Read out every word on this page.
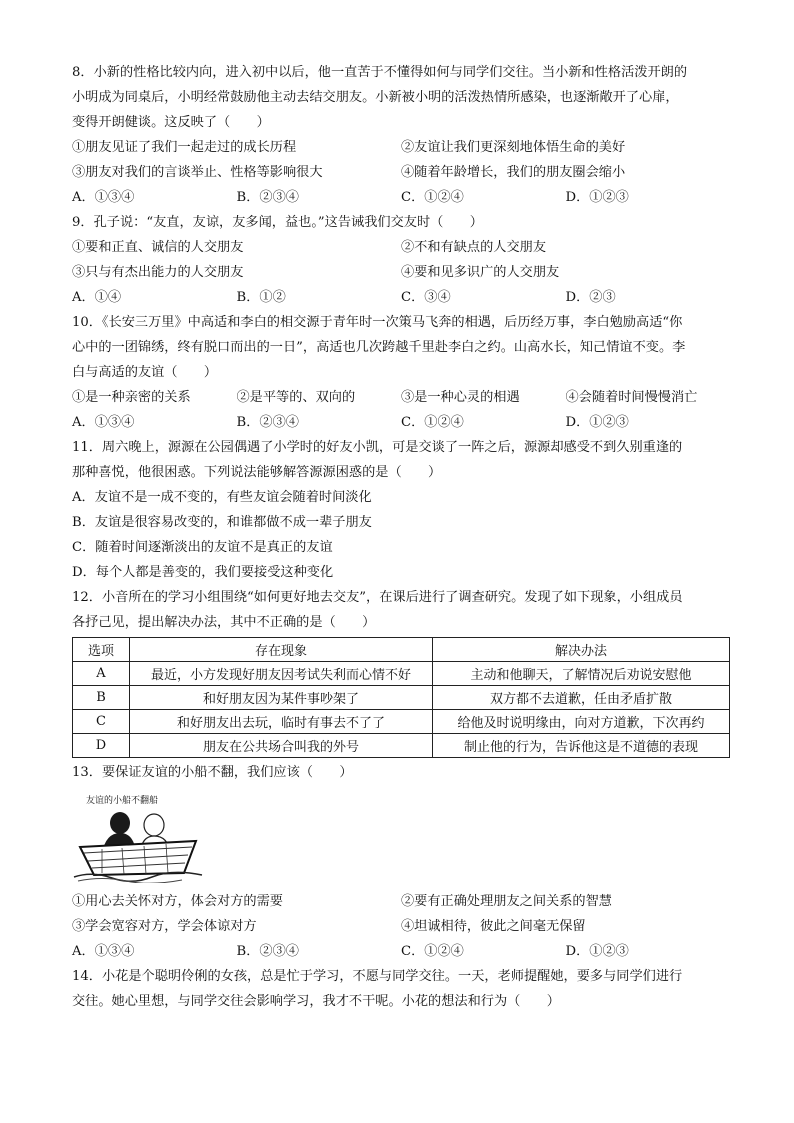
8．小新的性格比较内向，进入初中以后，他一直苦于不懂得如何与同学们交往。当小新和性格活泼开朗的
小明成为同桌后，小明经常鼓励他主动去结交朋友。小新被小明的活泼热情所感染，也逐渐敞开了心扉，
变得开朗健谈。这反映了（　　）

①朋友见证了我们一起走过的成长历程	②友谊让我们更深刻地体悟生命的美好
③朋友对我们的言谈举止、性格等影响很大	④随着年龄增长，我们的朋友圈会缩小
A．①③④	B．②③④	C．①②④	D．①②③

9．孔子说：“友直，友谅，友多闻，益也。”这告诫我们交友时（　　）

①要和正直、诚信的人交朋友	②不和有缺点的人交朋友
③只与有杰出能力的人交朋友	④要和见多识广的人交朋友
A．①④	B．①②	C．③④	D．②③

10．《长安三万里》中高适和李白的相交源于青年时一次策马飞奔的相遇，后历经万事，李白勉励高适“你
心中的一团锦绣，终有脱口而出的一日”，高适也几次跨越千里赴李白之约。山高水长，知己情谊不变。李
白与高适的友谊（　　）

①是一种亲密的关系	②是平等的、双向的	③是一种心灵的相遇	④会随着时间慢慢消亡
A．①③④	B．②③④	C．①②④	D．①②③

11．周六晚上，源源在公园偶遇了小学时的好友小凯，可是交谈了一阵之后，源源却感受不到久别重逢的
那种喜悦，他很困惑。下列说法能够解答源源困惑的是（　　）

A．友谊不是一成不变的，有些友谊会随着时间淡化
B．友谊是很容易改变的，和谁都做不成一辈子朋友
C．随着时间逐渐淡出的友谊不是真正的友谊
D．每个人都是善变的，我们要接受这种变化

12．小音所在的学习小组围绕“如何更好地去交友”，在课后进行了调查研究。发现了如下现象，小组成员
各抒己见，提出解决办法，其中不正确的是（　　）

选项	存在现象	解决办法
A	最近，小方发现好朋友因考试失利而心情不好	主动和他聊天，了解情况后劝说安慰他
B	和好朋友因为某件事吵架了	双方都不去道歉，任由矛盾扩散
C	和好朋友出去玩，临时有事去不了了	给他及时说明缘由，向对方道歉，下次再约
D	朋友在公共场合叫我的外号	制止他的行为，告诉他这是不道德的表现

13．要保证友谊的小船不翻，我们应该（　　）

友谊的小船不翻船
①用心去关怀对方，体会对方的需要	②要有正确处理朋友之间关系的智慧
③学会宽容对方，学会体谅对方	④坦诚相待，彼此之间毫无保留
A．①③④	B．②③④	C．①②④	D．①②③

14．小花是个聪明伶俐的女孩，总是忙于学习，不愿与同学交往。一天，老师提醒她，要多与同学们进行
交往。她心里想，与同学交往会影响学习，我才不干呢。小花的想法和行为（　　）
